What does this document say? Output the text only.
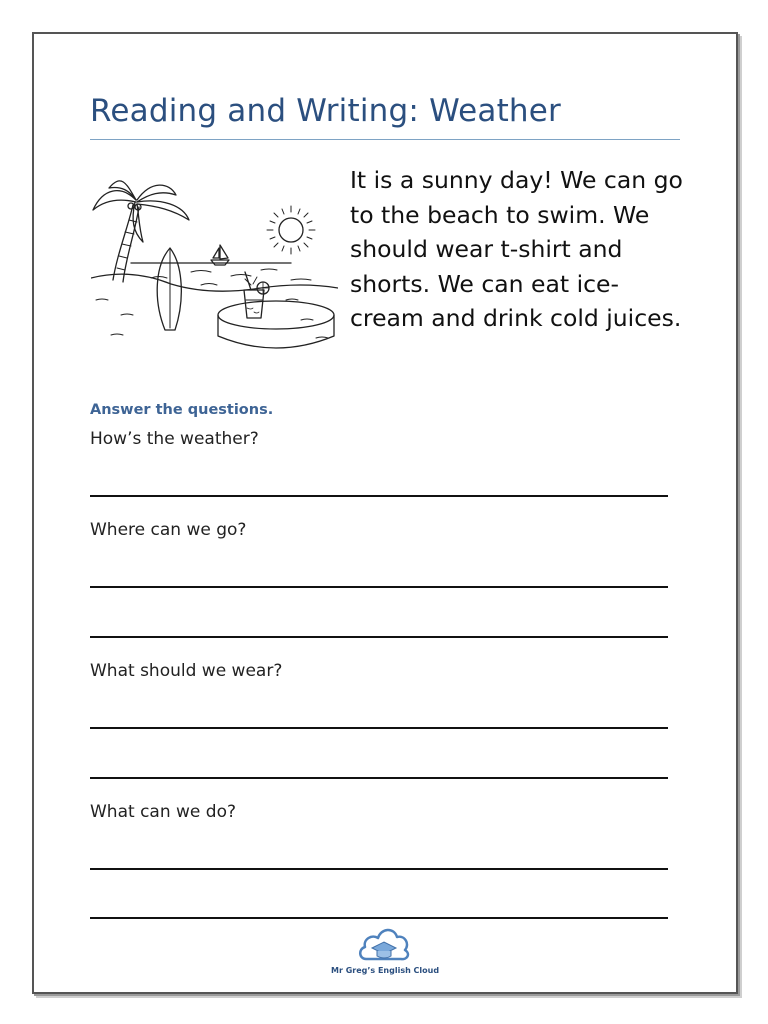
Reading and Writing: Weather

It is a sunny day! We can go to the beach to swim. We should wear t-shirt and shorts. We can eat ice-cream and drink cold juices.

Answer the questions.

How’s the weather?

Where can we go?

What should we wear?

What can we do?

Mr Greg’s English Cloud
